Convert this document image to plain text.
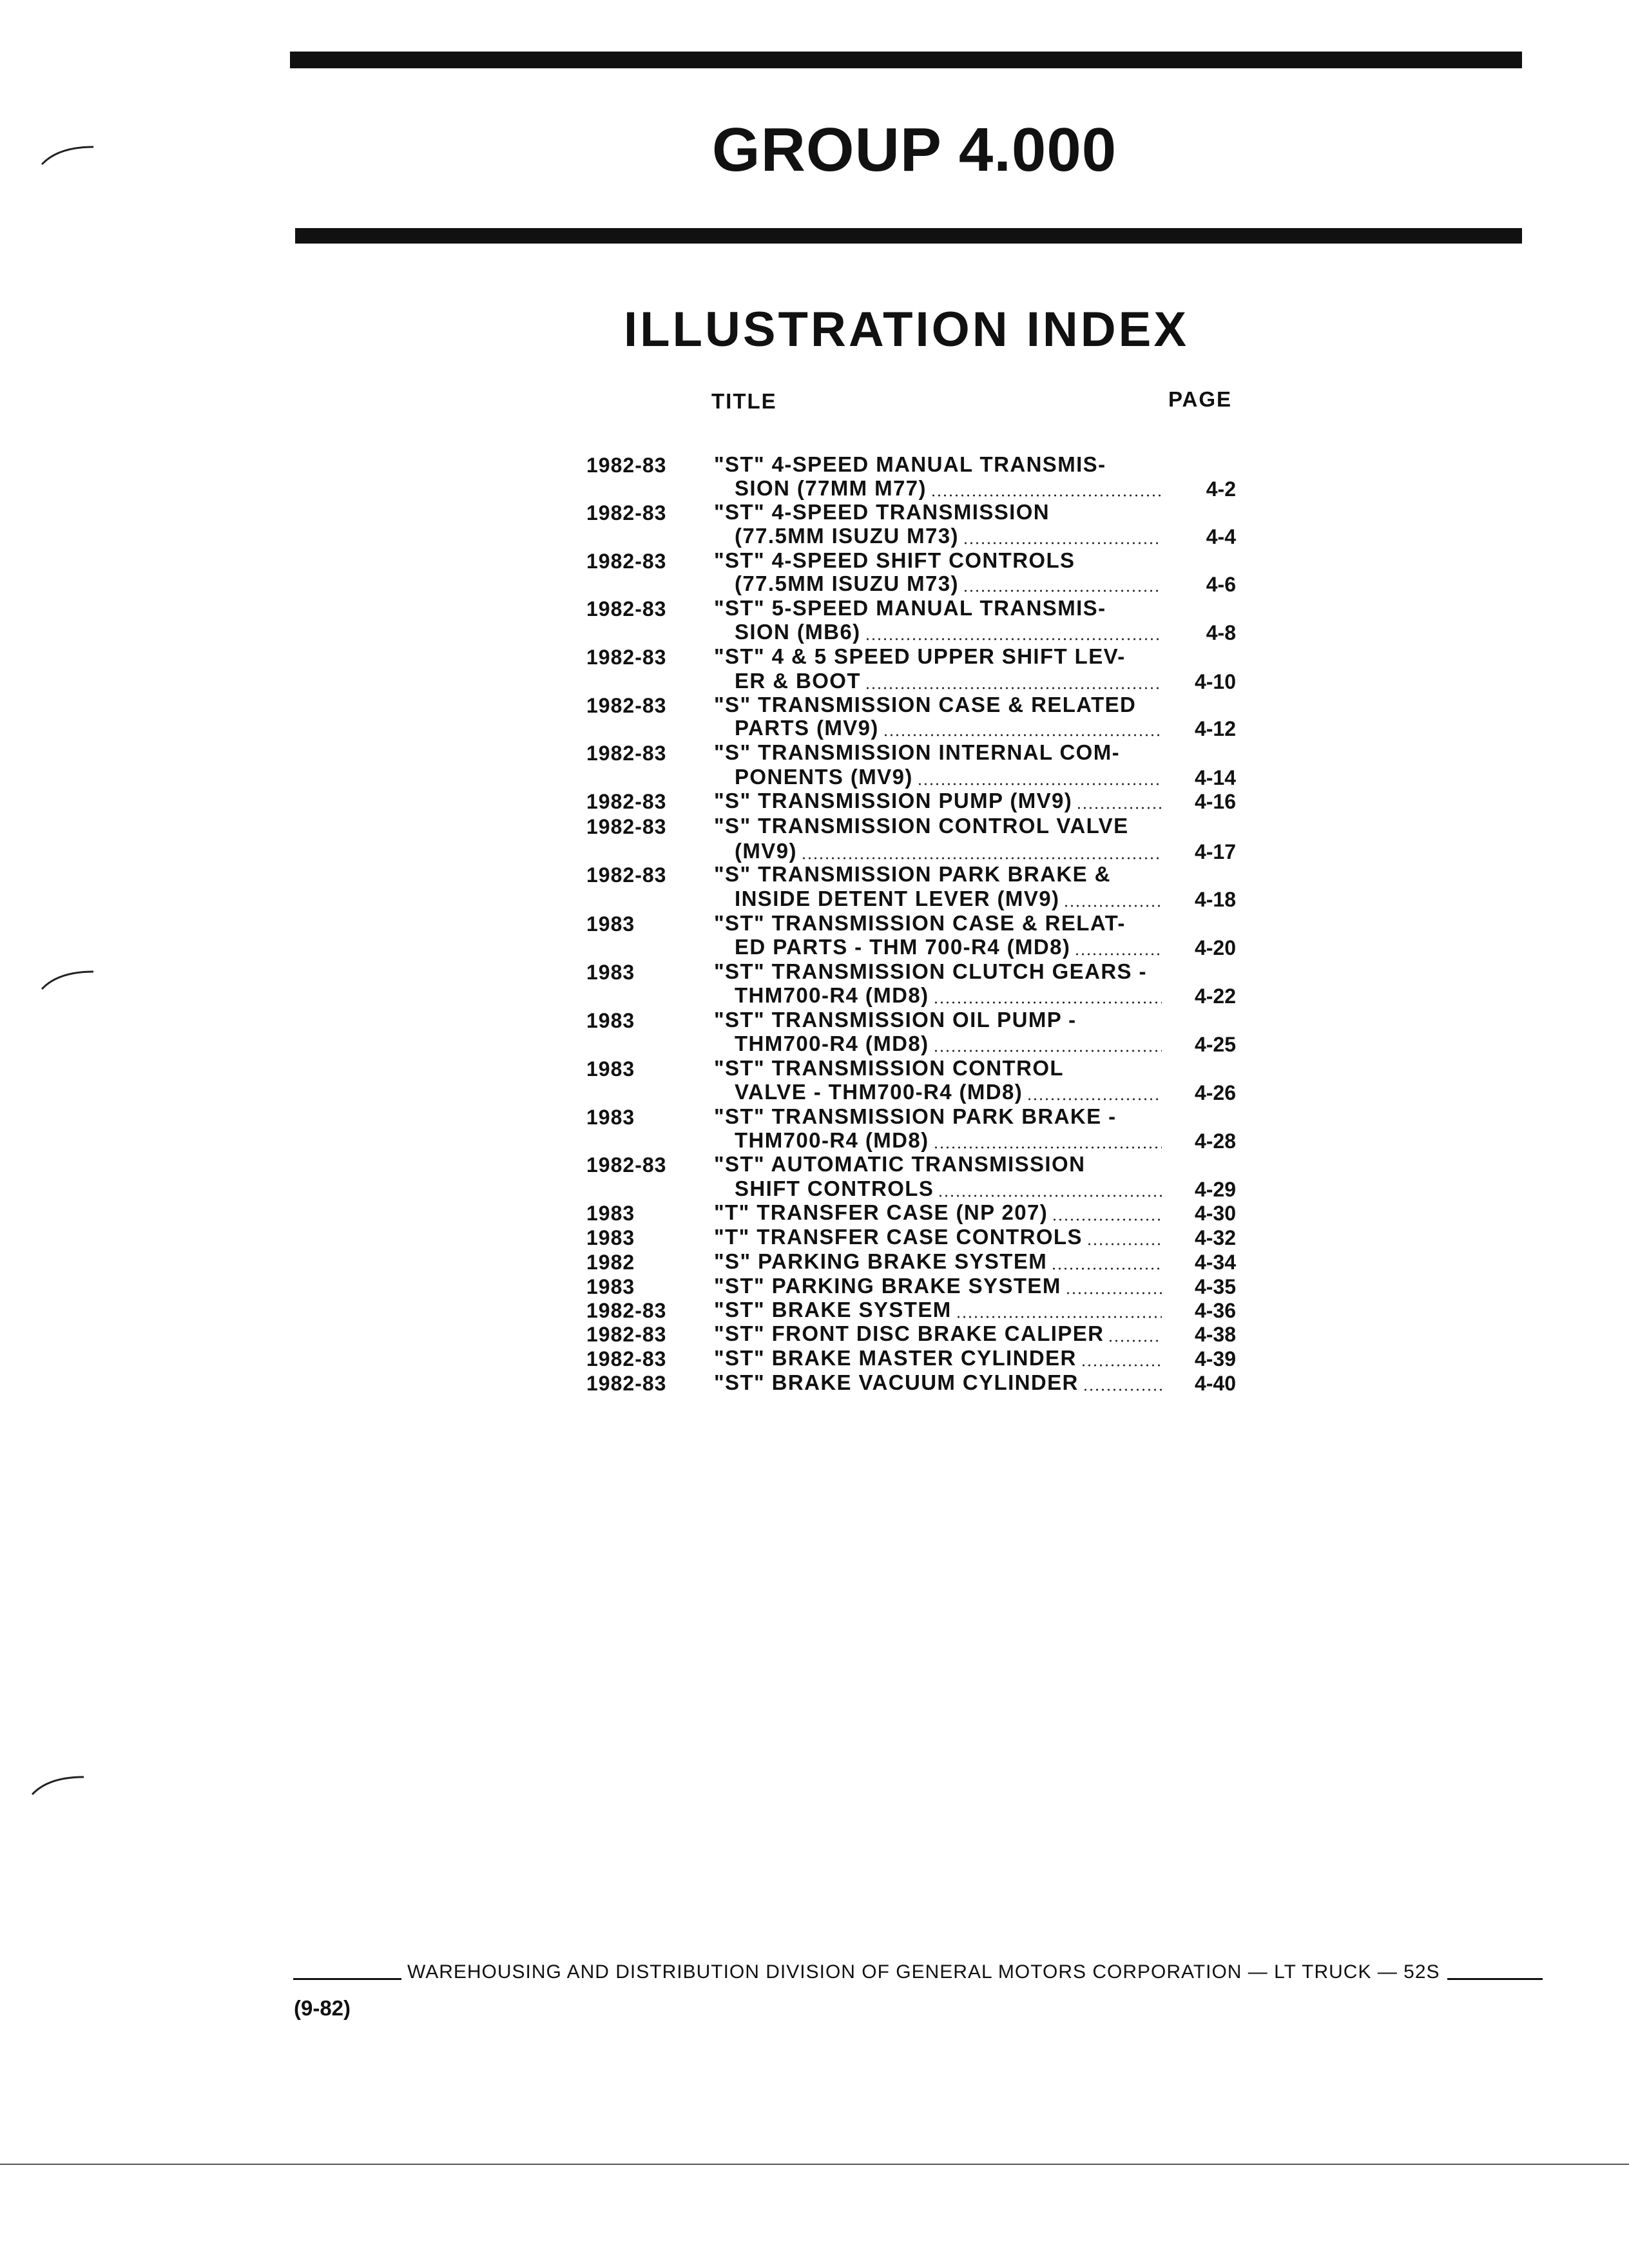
GROUP 4.000
ILLUSTRATION INDEX
TITLE	PAGE
1982-83 "ST" 4-SPEED MANUAL TRANSMIS-
SION (77MM M77)	4-2
1982-83 "ST" 4-SPEED TRANSMISSION
(77.5MM ISUZU M73)	4-4
1982-83 "ST" 4-SPEED SHIFT CONTROLS
(77.5MM ISUZU M73)	4-6
1982-83 "ST" 5-SPEED MANUAL TRANSMIS-
SION (MB6)	4-8
1982-83 "ST" 4 & 5 SPEED UPPER SHIFT LEV-
ER & BOOT	4-10
1982-83 "S" TRANSMISSION CASE & RELATED
PARTS (MV9)	4-12
1982-83 "S" TRANSMISSION INTERNAL COM-
PONENTS (MV9)	4-14
1982-83 "S" TRANSMISSION PUMP (MV9)	4-16
1982-83 "S" TRANSMISSION CONTROL VALVE
(MV9)	4-17
1982-83 "S" TRANSMISSION PARK BRAKE &
INSIDE DETENT LEVER (MV9)	4-18
1983	"ST" TRANSMISSION CASE & RELAT-
ED PARTS - THM 700-R4 (MD8)	4-20
1983	"ST" TRANSMISSION CLUTCH GEARS -
THM700-R4 (MD8)	4-22
1983	"ST" TRANSMISSION OIL PUMP -
THM700-R4 (MD8)	4-25
1983	"ST" TRANSMISSION CONTROL
VALVE - THM700-R4 (MD8)	4-26
1983	"ST" TRANSMISSION PARK BRAKE -
THM700-R4 (MD8)	4-28
1982-83 "ST" AUTOMATIC TRANSMISSION
SHIFT CONTROLS	4-29
1983	"T" TRANSFER CASE (NP 207)	4-30
1983	"T" TRANSFER CASE CONTROLS	4-32
1982	"S" PARKING BRAKE SYSTEM	4-34
1983	"ST" PARKING BRAKE SYSTEM	4-35
1982-83 "ST" BRAKE SYSTEM	4-36
1982-83 "ST" FRONT DISC BRAKE CALIPER	4-38
1982-83 "ST" BRAKE MASTER CYLINDER	4-39
1982-83 "ST" BRAKE VACUUM CYLINDER	4-40
WAREHOUSING AND DISTRIBUTION DIVISION OF GENERAL MOTORS CORPORATION — LT TRUCK — 52S
(9-82)
